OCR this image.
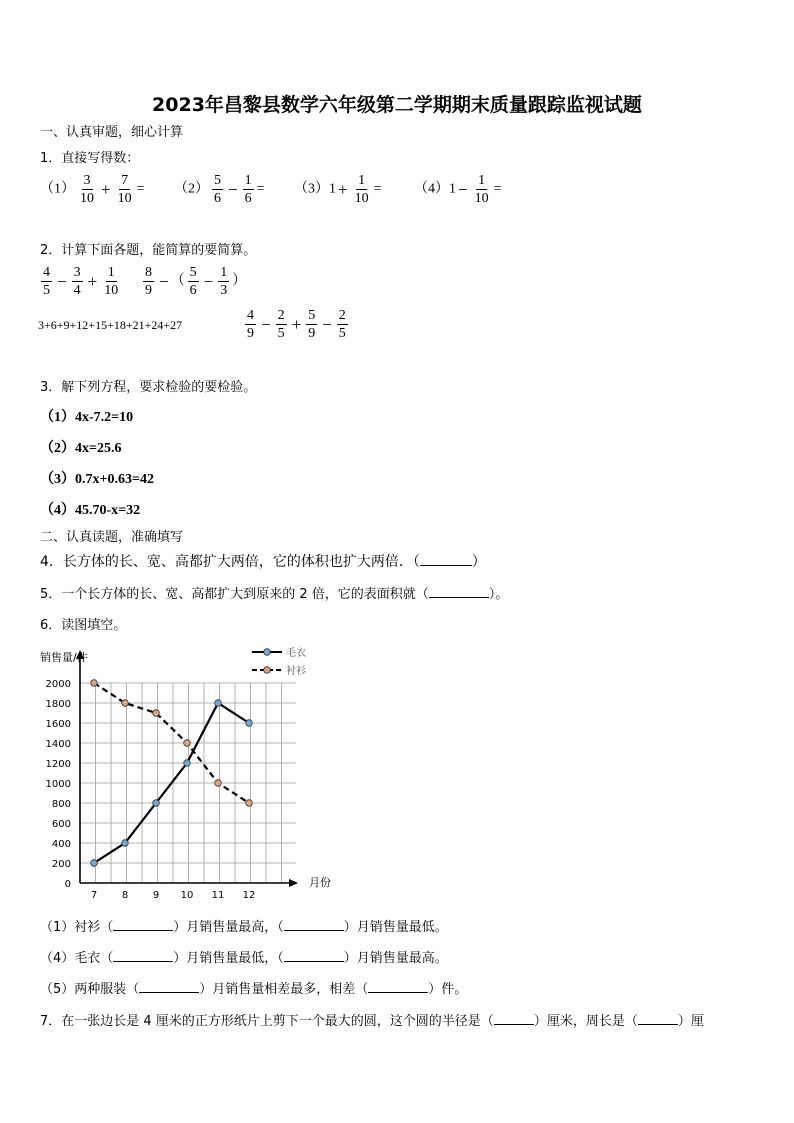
2023年昌黎县数学六年级第二学期期末质量跟踪监视试题
一、认真审题，细心计算
1．直接写得数：
$(1) \frac{3}{10} + \frac{7}{10} = (2) \frac{5}{6} - \frac{1}{6} = (3)1 + \frac{1}{10} = (4)1 - \frac{1}{10}$ =
2．计算下面各题，能简算的要简算。
$\frac{4}{5} - \frac{3}{4} + \frac{1}{10} \frac{8}{9}$ − （ $\frac{5}{6} - \frac{1}{3}$ ）
3+6+9+12+15+18+21+24+27	$\frac{4}{9} - \frac{2}{5} + \frac{5}{9} - \frac{2}{5}$
3．解下列方程，要求检验的要检验。
（1）4x-7.2=10
（2）4x=25.6
（3）0.7x+0.63=42
（4）45.70-x=32
二、认真读题，准确填写
4．长方体的长、宽、高都扩大两倍，它的体积也扩大两倍．（	）
5．一个长方体的长、宽、高都扩大到原来的 2 倍，它的表面积就（	）。
6．读图填空。
销售量/件
月份
0
200
400
600
800
1000
1200
1400
1600
1800
2000
7 8 9 10 11 12
毛衣
衬衫
（1）衬衫（	）月销售量最高，（	）月销售量最低。
（4）毛衣（	）月销售量最低，（	）月销售量最高。
（5）两种服装（	）月销售量相差最多，相差（	）件。
7．在一张边长是 4 厘米的正方形纸片上剪下一个最大的圆，这个圆的半径是（	）厘米，周长是（	）厘
